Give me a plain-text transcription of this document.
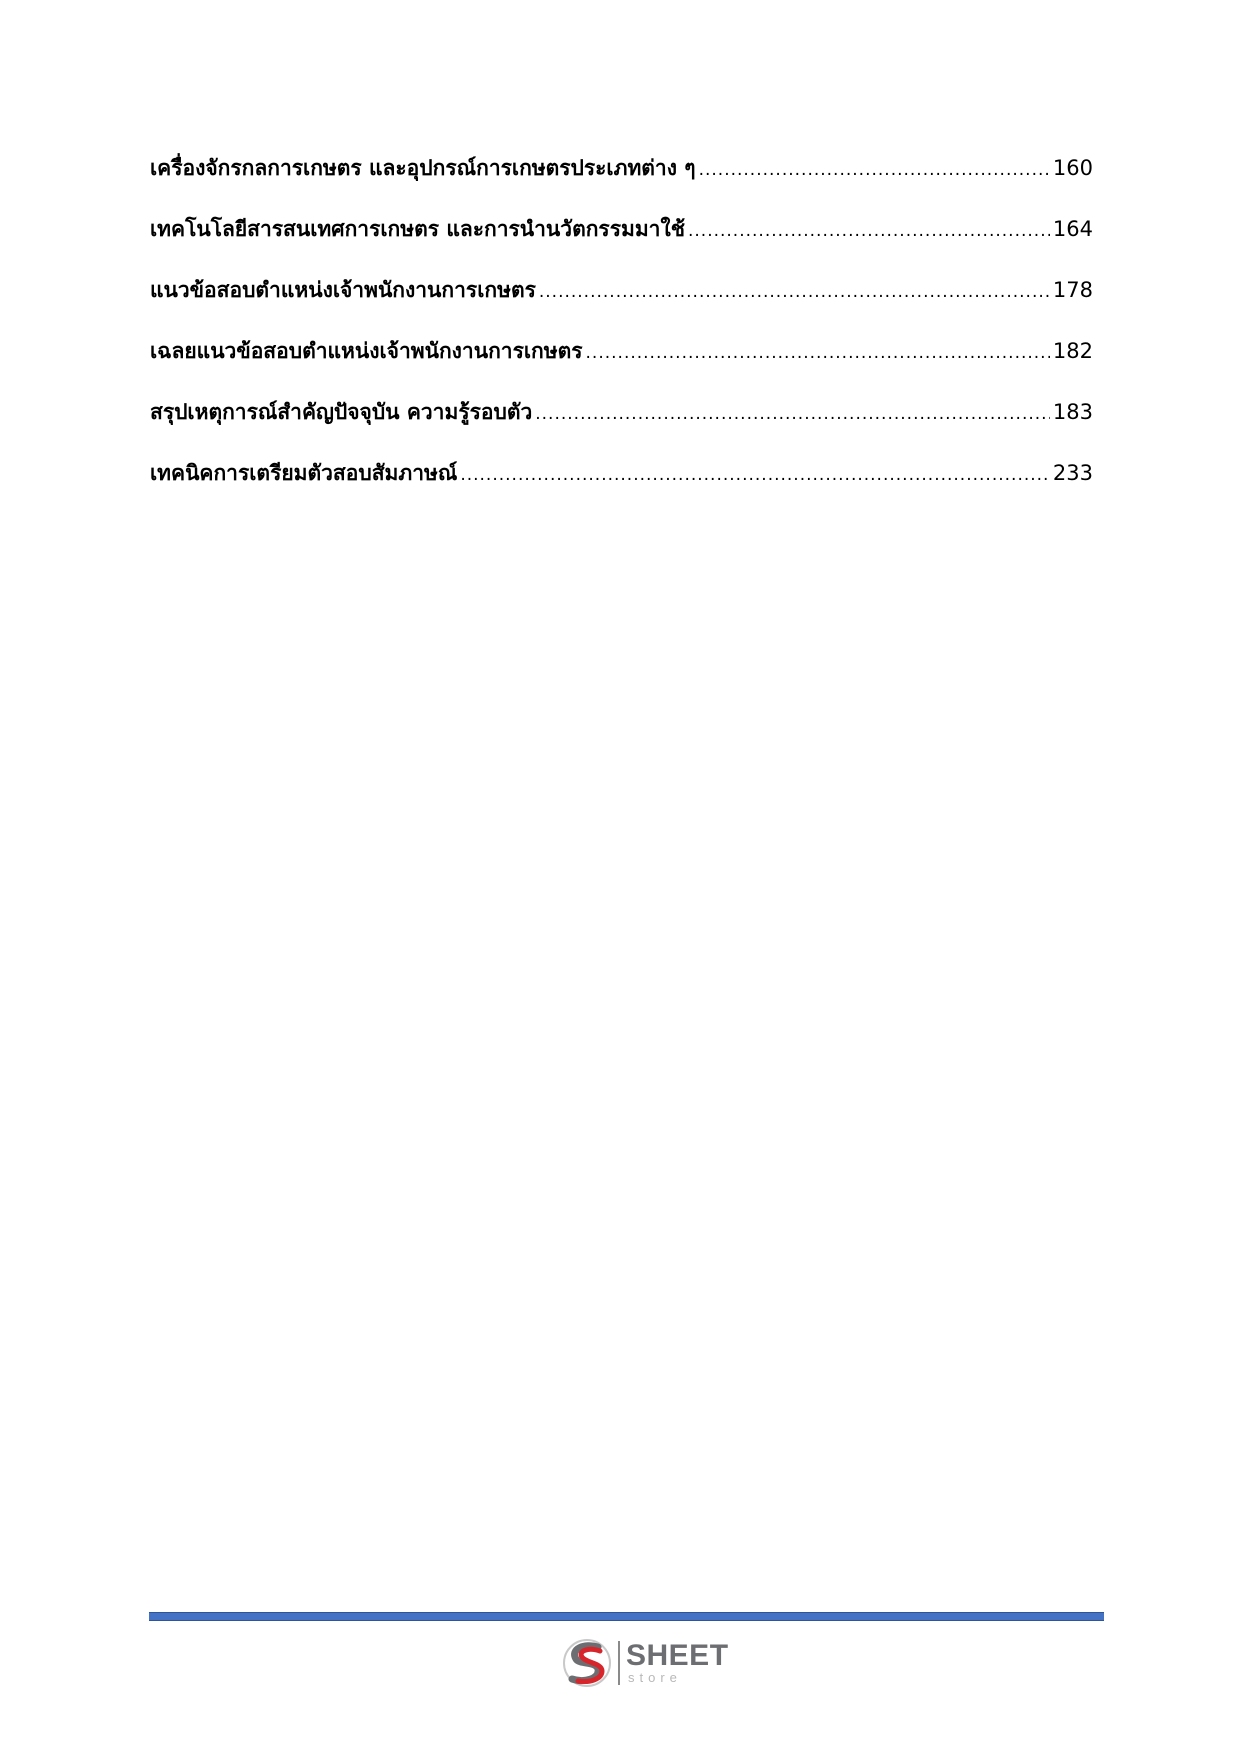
เครื่องจักรกลการเกษตร และอุปกรณ์การเกษตรประเภทต่าง ๆ .....	160
เทคโนโลยีสารสนเทศการเกษตร และการนำนวัตกรรมมาใช้ .....	164
แนวข้อสอบตำแหน่งเจ้าพนักงานการเกษตร .....	178
เฉลยแนวข้อสอบตำแหน่งเจ้าพนักงานการเกษตร .....	182
สรุปเหตุการณ์สำคัญปัจจุบัน ความรู้รอบตัว .....	183
เทคนิคการเตรียมตัวสอบสัมภาษณ์ .....	233
SHEET
store
